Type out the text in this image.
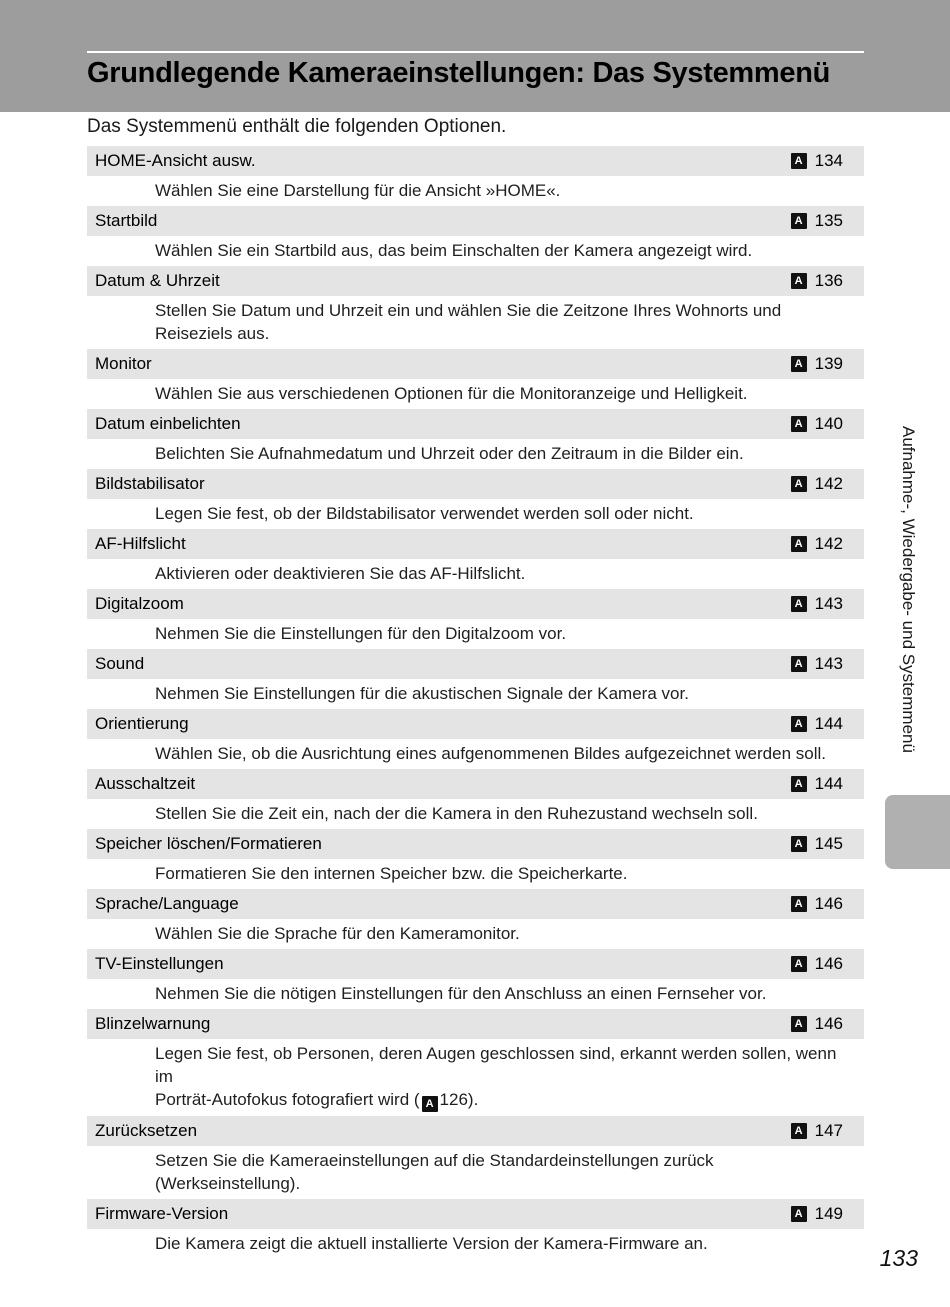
Grundlegende Kameraeinstellungen: Das Systemmenü
Das Systemmenü enthält die folgenden Optionen.
HOME-Ansicht ausw.	A 134
Wählen Sie eine Darstellung für die Ansicht »HOME«.
Startbild	A 135
Wählen Sie ein Startbild aus, das beim Einschalten der Kamera angezeigt wird.
Datum & Uhrzeit	A 136
Stellen Sie Datum und Uhrzeit ein und wählen Sie die Zeitzone Ihres Wohnorts und
Reiseziels aus.
Monitor	A 139
Wählen Sie aus verschiedenen Optionen für die Monitoranzeige und Helligkeit.
Datum einbelichten	A 140
Belichten Sie Aufnahmedatum und Uhrzeit oder den Zeitraum in die Bilder ein.
Bildstabilisator	A 142
Legen Sie fest, ob der Bildstabilisator verwendet werden soll oder nicht.
AF-Hilfslicht	A 142
Aktivieren oder deaktivieren Sie das AF-Hilfslicht.
Digitalzoom	A 143
Nehmen Sie die Einstellungen für den Digitalzoom vor.
Sound	A 143
Nehmen Sie Einstellungen für die akustischen Signale der Kamera vor.
Orientierung	A 144
Wählen Sie, ob die Ausrichtung eines aufgenommenen Bildes aufgezeichnet werden soll.
Ausschaltzeit	A 144
Stellen Sie die Zeit ein, nach der die Kamera in den Ruhezustand wechseln soll.
Speicher löschen/Formatieren	A 145
Formatieren Sie den internen Speicher bzw. die Speicherkarte.
Sprache/Language	A 146
Wählen Sie die Sprache für den Kameramonitor.
TV-Einstellungen	A 146
Nehmen Sie die nötigen Einstellungen für den Anschluss an einen Fernseher vor.
Blinzelwarnung	A 146
Legen Sie fest, ob Personen, deren Augen geschlossen sind, erkannt werden sollen, wenn im
Porträt-Autofokus fotografiert wird ( A 126).
Zurücksetzen	A 147
Setzen Sie die Kameraeinstellungen auf die Standardeinstellungen zurück (Werkseinstellung).
Firmware-Version	A 149
Die Kamera zeigt die aktuell installierte Version der Kamera-Firmware an.
Aufnahme-, Wiedergabe- und Systemmenü
133
